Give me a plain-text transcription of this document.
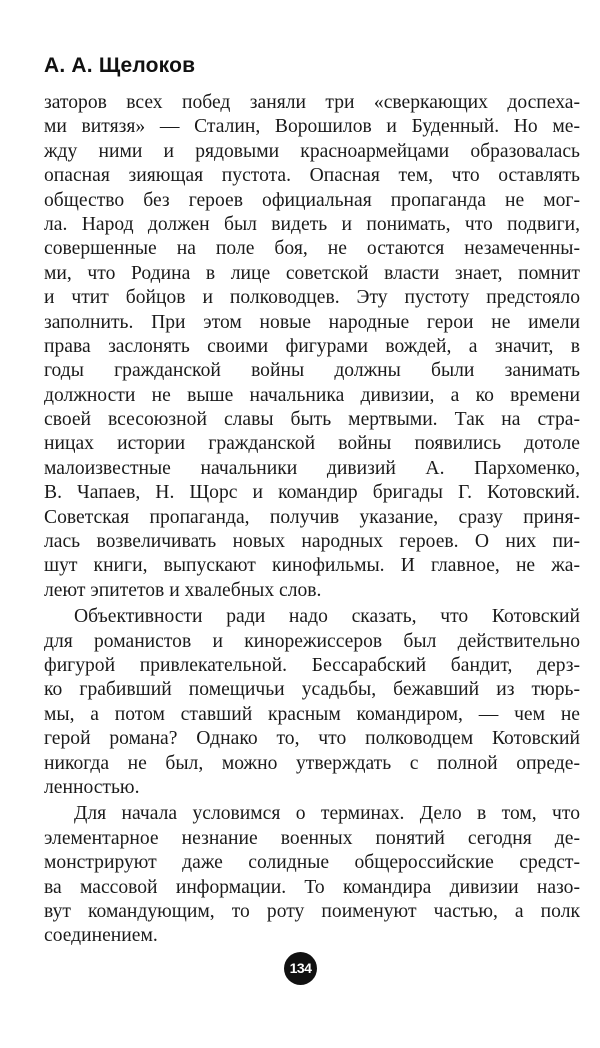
А. А. Щелоков
заторов всех побед заняли три «сверкающих доспеха-
ми витязя» — Сталин, Ворошилов и Буденный. Но ме-
жду ними и рядовыми красноармейцами образовалась
опасная зияющая пустота. Опасная тем, что оставлять
общество без героев официальная пропаганда не мог-
ла. Народ должен был видеть и понимать, что подвиги,
совершенные на поле боя, не остаются незамеченны-
ми, что Родина в лице советской власти знает, помнит
и чтит бойцов и полководцев. Эту пустоту предстояло
заполнить. При этом новые народные герои не имели
права заслонять своими фигурами вождей, а значит, в
годы гражданской войны должны были занимать
должности не выше начальника дивизии, а ко времени
своей всесоюзной славы быть мертвыми. Так на стра-
ницах истории гражданской войны появились дотоле
малоизвестные начальники дивизий А. Пархоменко,
В. Чапаев, Н. Щорс и командир бригады Г. Котовский.
Советская пропаганда, получив указание, сразу приня-
лась возвеличивать новых народных героев. О них пи-
шут книги, выпускают кинофильмы. И главное, не жа-
леют эпитетов и хвалебных слов.
Объективности ради надо сказать, что Котовский
для романистов и кинорежиссеров был действительно
фигурой привлекательной. Бессарабский бандит, дерз-
ко грабивший помещичьи усадьбы, бежавший из тюрь-
мы, а потом ставший красным командиром, — чем не
герой романа? Однако то, что полководцем Котовский
никогда не был, можно утверждать с полной опреде-
ленностью.
Для начала условимся о терминах. Дело в том, что
элементарное незнание военных понятий сегодня де-
монстрируют даже солидные общероссийские средст-
ва массовой информации. То командира дивизии назо-
вут командующим, то роту поименуют частью, а полк
соединением.
134
